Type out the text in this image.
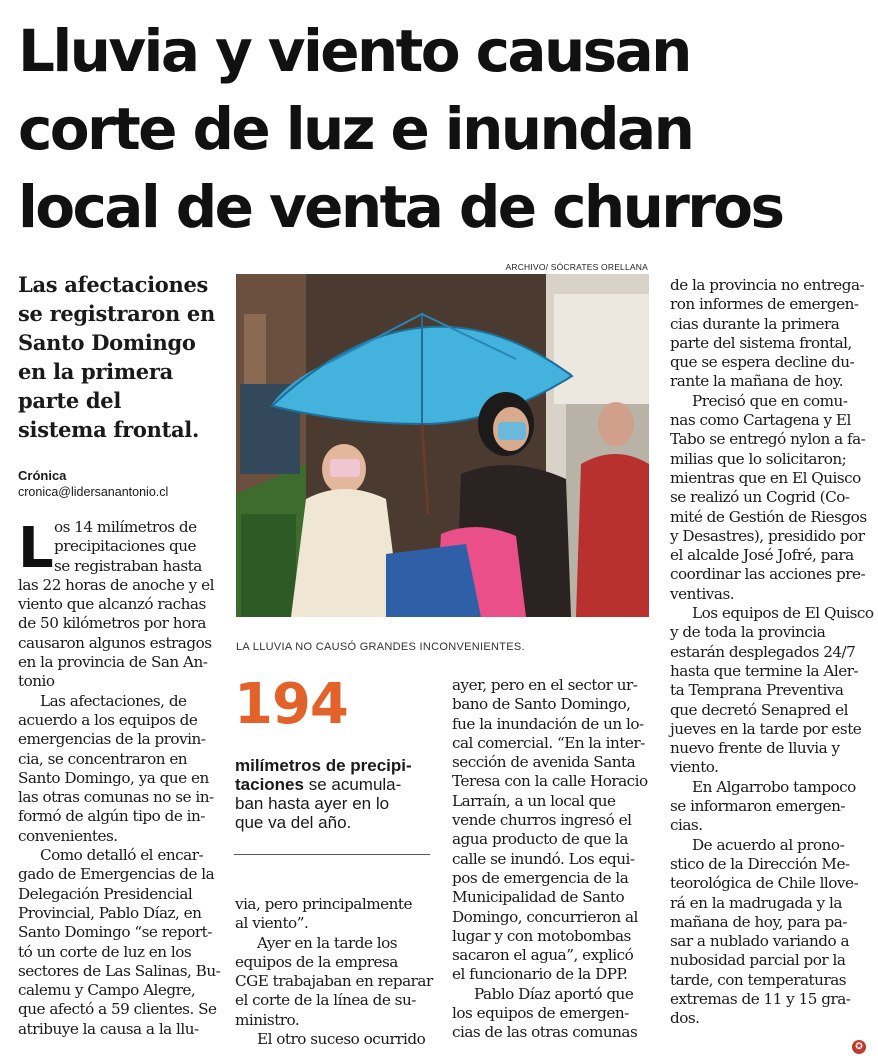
Lluvia y viento causan
corte de luz e inundan
local de venta de churros
Las afectaciones
se registraron en
Santo Domingo
en la primera
parte del
sistema frontal.
Crónica
cronica@lidersanantonio.cl
L os 14 milímetros de
precipitaciones que
se registraban hasta
las 22 horas de anoche y el
viento que alcanzó rachas
de 50 kilómetros por hora
causaron algunos estragos
en la provincia de San An-
tonio
Las afectaciones, de
acuerdo a los equipos de
emergencias de la provin-
cia, se concentraron en
Santo Domingo, ya que en
las otras comunas no se in-
formó de algún tipo de in-
convenientes.
Como detalló el encar-
gado de Emergencias de la
Delegación Presidencial
Provincial, Pablo Díaz, en
Santo Domingo “se report-
tó un corte de luz en los
sectores de Las Salinas, Bu-
calemu y Campo Alegre,
que afectó a 59 clientes. Se
atribuye la causa a la llu-
ARCHIVO/ SÓCRATES ORELLANA
LA LLUVIA NO CAUSÓ GRANDES INCONVENIENTES.
194
milímetros de precipi-
taciones se acumula-
ban hasta ayer en lo
que va del año.
via, pero principalmente
al viento”.
Ayer en la tarde los
equipos de la empresa
CGE trabajaban en reparar
el corte de la línea de su-
ministro.
El otro suceso ocurrido
ayer, pero en el sector ur-
bano de Santo Domingo,
fue la inundación de un lo-
cal comercial. “En la inter-
sección de avenida Santa
Teresa con la calle Horacio
Larraín, a un local que
vende churros ingresó el
agua producto de que la
calle se inundó. Los equi-
pos de emergencia de la
Municipalidad de Santo
Domingo, concurrieron al
lugar y con motobombas
sacaron el agua”, explicó
el funcionario de la DPP.
Pablo Díaz aportó que
los equipos de emergen-
cias de las otras comunas
de la provincia no entrega-
ron informes de emergen-
cias durante la primera
parte del sistema frontal,
que se espera decline du-
rante la mañana de hoy.
Precisó que en comu-
nas como Cartagena y El
Tabo se entregó nylon a fa-
milias que lo solicitaron;
mientras que en El Quisco
se realizó un Cogrid (Co-
mité de Gestión de Riesgos
y Desastres), presidido por
el alcalde José Jofré, para
coordinar las acciones pre-
ventivas.
Los equipos de El Quisco
y de toda la provincia
estarán desplegados 24/7
hasta que termine la Aler-
ta Temprana Preventiva
que decretó Senapred el
jueves en la tarde por este
nuevo frente de lluvia y
viento.
En Algarrobo tampoco
se informaron emergen-
cias.
De acuerdo al prono-
stico de la Dirección Me-
teorológica de Chile llove-
rá en la madrugada y la
mañana de hoy, para pa-
sar a nublado variando a
nubosidad parcial por la
tarde, con temperaturas
extremas de 11 y 15 gra-
dos.
✪
